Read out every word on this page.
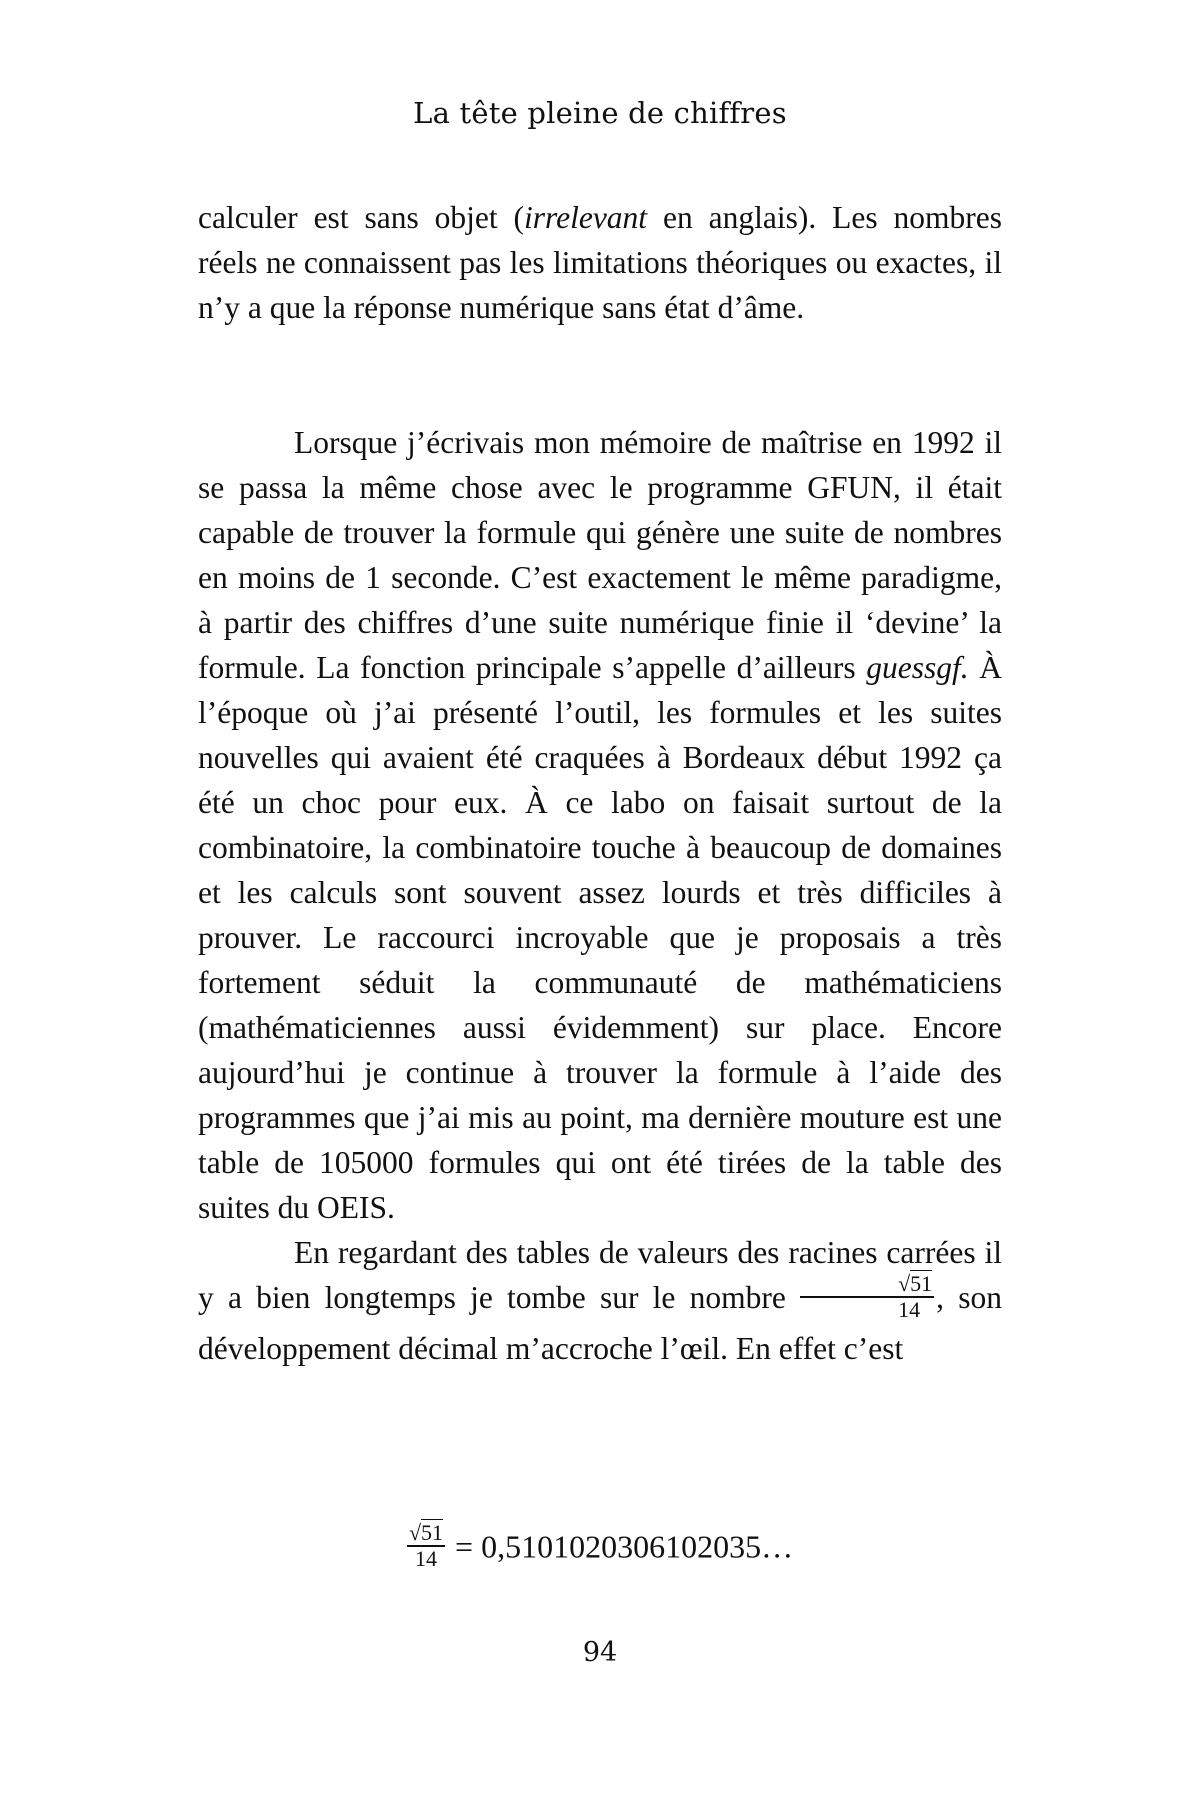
La tête pleine de chiffres

calculer est sans objet (irrelevant en anglais). Les nombres réels ne connaissent pas les limitations théoriques ou exactes, il n’y a que la réponse numérique sans état d’âme.

Lorsque j’écrivais mon mémoire de maîtrise en 1992 il se passa la même chose avec le programme GFUN, il était capable de trouver la formule qui génère une suite de nombres en moins de 1 seconde. C’est exactement le même paradigme, à partir des chiffres d’une suite numérique finie il ‘devine’ la formule. La fonction principale s’appelle d’ailleurs guessgf. À l’époque où j’ai présenté l’outil, les formules et les suites nouvelles qui avaient été craquées à Bordeaux début 1992 ça été un choc pour eux. À ce labo on faisait surtout de la combinatoire, la combinatoire touche à beaucoup de domaines et les calculs sont souvent assez lourds et très difficiles à prouver. Le raccourci incroyable que je proposais a très fortement séduit la communauté de mathématiciens (mathématiciennes aussi évidemment) sur place. Encore aujourd’hui je continue à trouver la formule à l’aide des programmes que j’ai mis au point, ma dernière mouture est une table de 105000 formules qui ont été tirées de la table des suites du OEIS.

En regardant des tables de valeurs des racines carrées il y a bien longtemps je tombe sur le nombre $\frac{√51}{14}$ , son développement décimal m’accroche l’œil. En effet c’est

$\frac{√51}{14}$ = 0,5101020306102035…
94
